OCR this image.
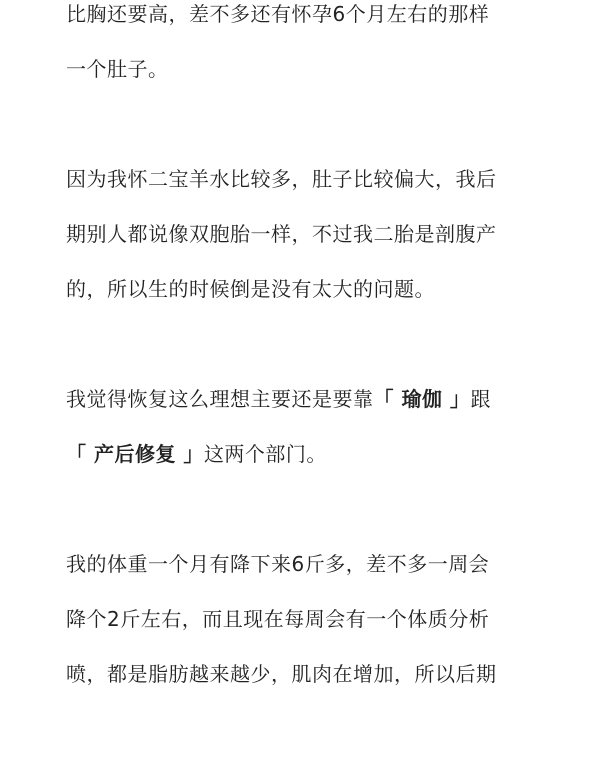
比胸还要高，差不多还有怀孕6个月左右的那样
一个肚子。

因为我怀二宝羊水比较多，肚子比较偏大，我后
期别人都说像双胞胎一样，不过我二胎是剖腹产
的，所以生的时候倒是没有太大的问题。

我觉得恢复这么理想主要还是要靠「 瑜伽 」跟
「 产后修复 」这两个部门。

我的体重一个月有降下来6斤多，差不多一周会
降个2斤左右，而且现在每周会有一个体质分析
喷，都是脂肪越来越少，肌肉在增加，所以后期
